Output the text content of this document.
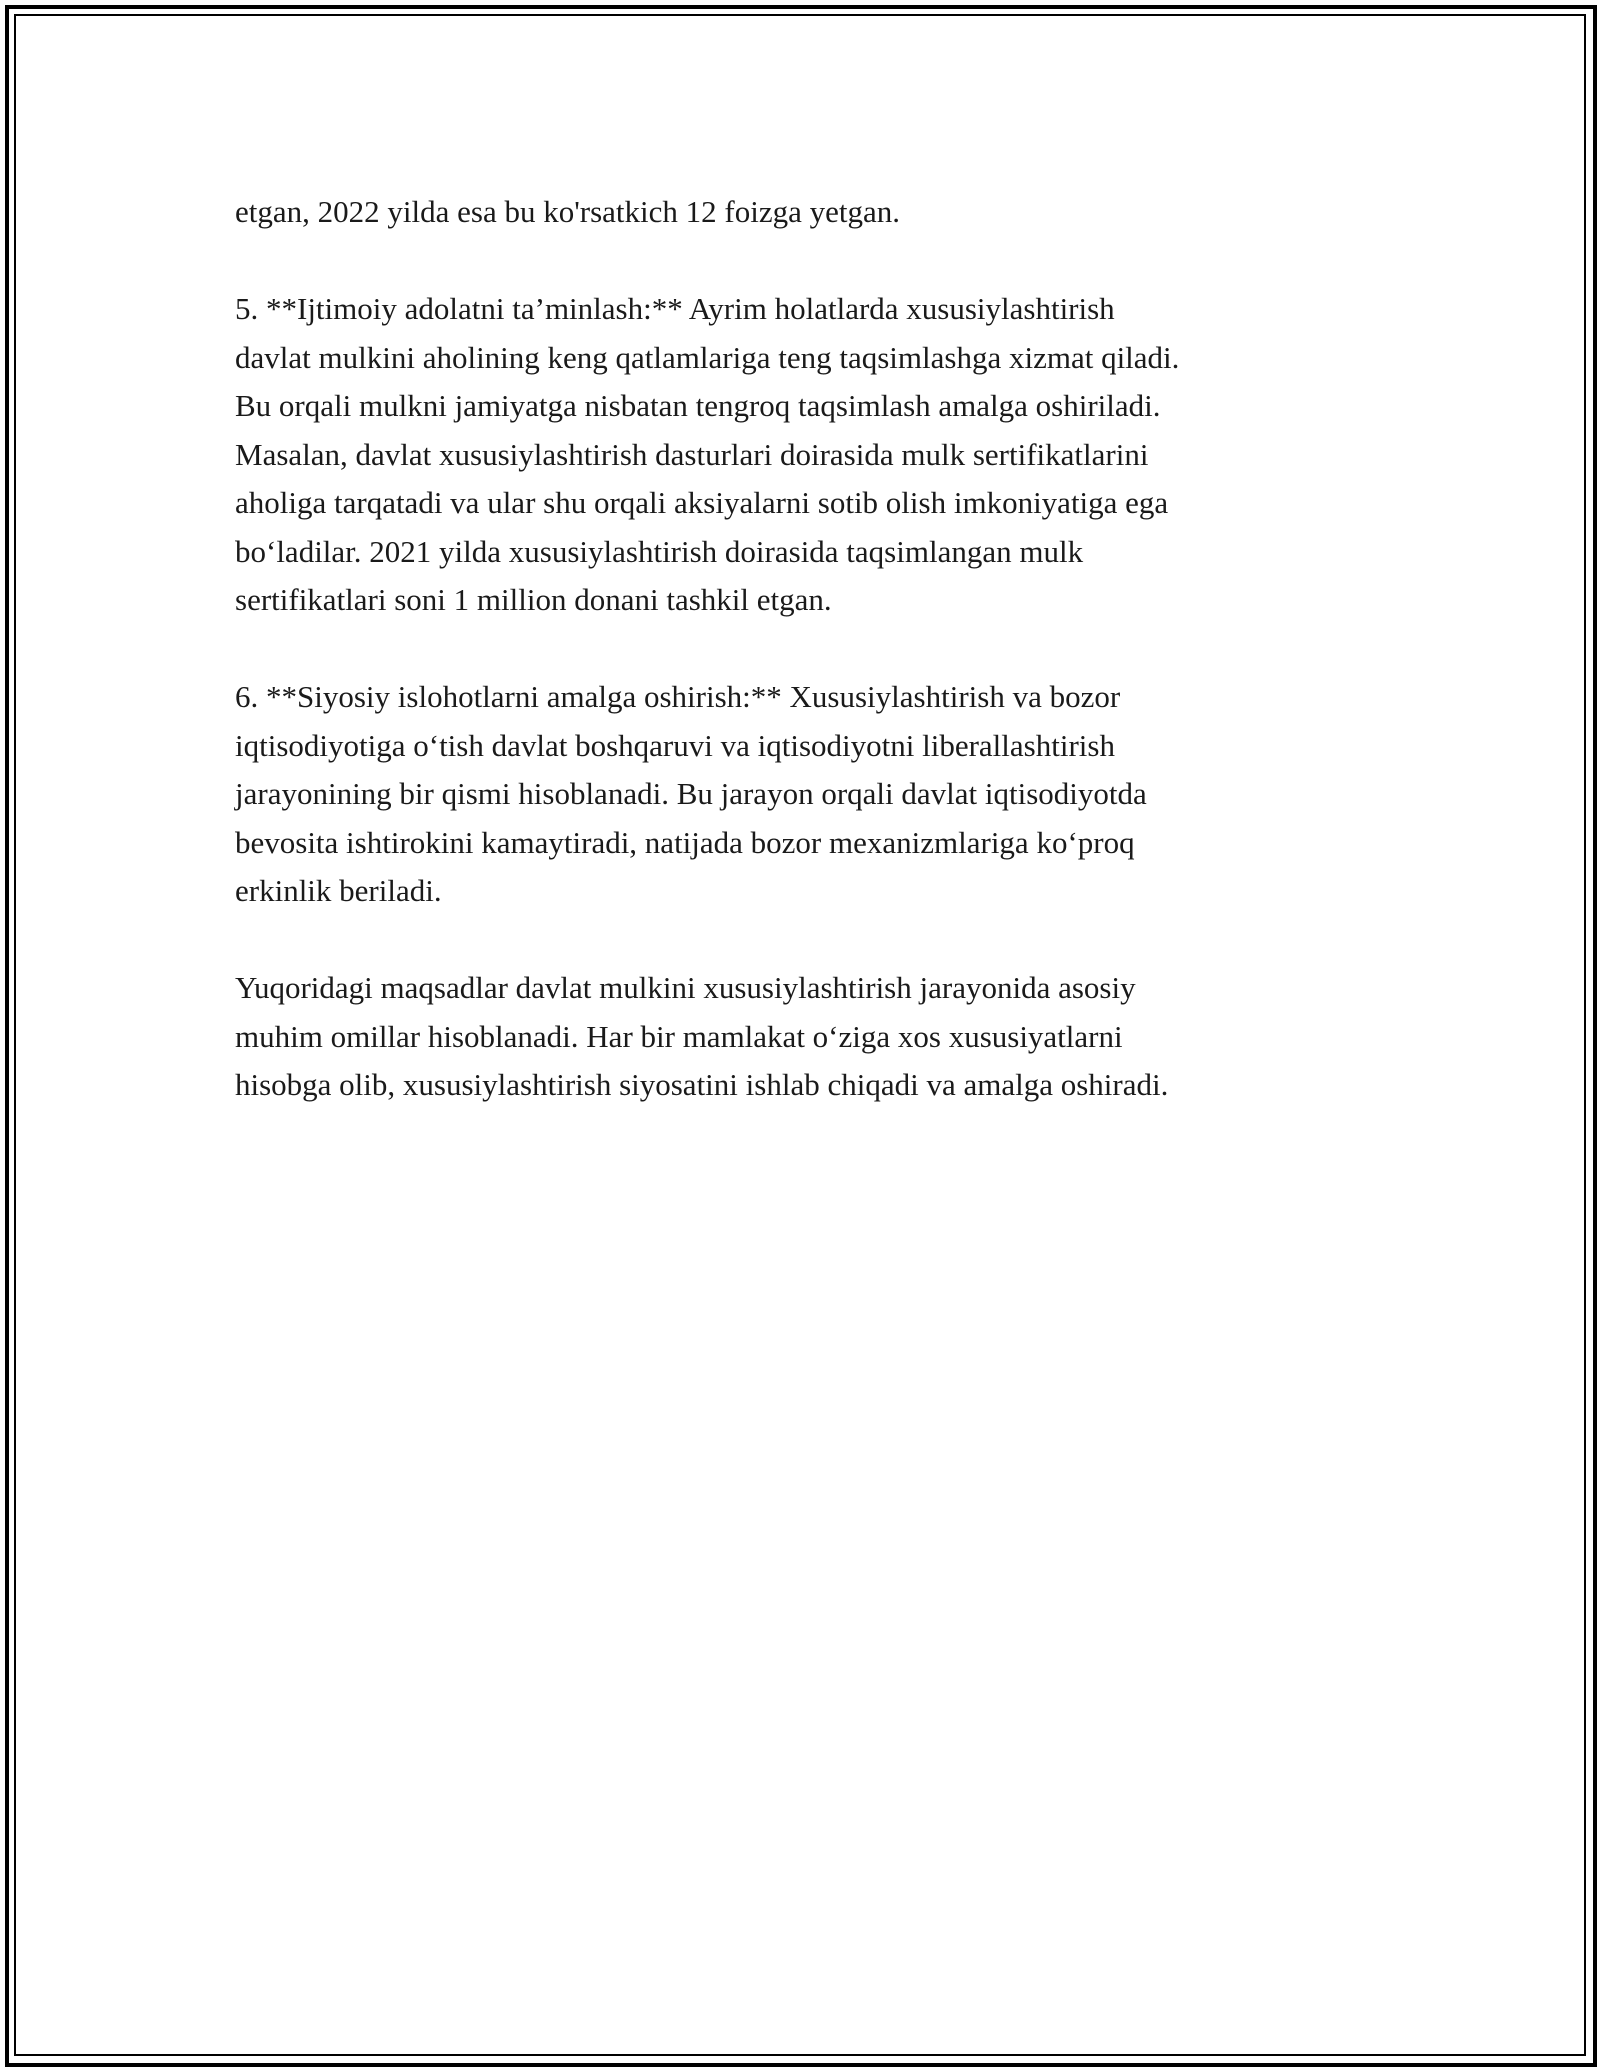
etgan, 2022 yilda esa bu ko'rsatkich 12 foizga yetgan.

5. **Ijtimoiy adolatni ta’minlash:** Ayrim holatlarda xususiylashtirish
davlat mulkini aholining keng qatlamlariga teng taqsimlashga xizmat qiladi.
Bu orqali mulkni jamiyatga nisbatan tengroq taqsimlash amalga oshiriladi.
Masalan, davlat xususiylashtirish dasturlari doirasida mulk sertifikatlarini
aholiga tarqatadi va ular shu orqali aksiyalarni sotib olish imkoniyatiga ega
bo‘ladilar. 2021 yilda xususiylashtirish doirasida taqsimlangan mulk
sertifikatlari soni 1 million donani tashkil etgan.

6. **Siyosiy islohotlarni amalga oshirish:** Xususiylashtirish va bozor
iqtisodiyotiga o‘tish davlat boshqaruvi va iqtisodiyotni liberallashtirish
jarayonining bir qismi hisoblanadi. Bu jarayon orqali davlat iqtisodiyotda
bevosita ishtirokini kamaytiradi, natijada bozor mexanizmlariga ko‘proq
erkinlik beriladi.

Yuqoridagi maqsadlar davlat mulkini xususiylashtirish jarayonida asosiy
muhim omillar hisoblanadi. Har bir mamlakat o‘ziga xos xususiyatlarni
hisobga olib, xususiylashtirish siyosatini ishlab chiqadi va amalga oshiradi.
